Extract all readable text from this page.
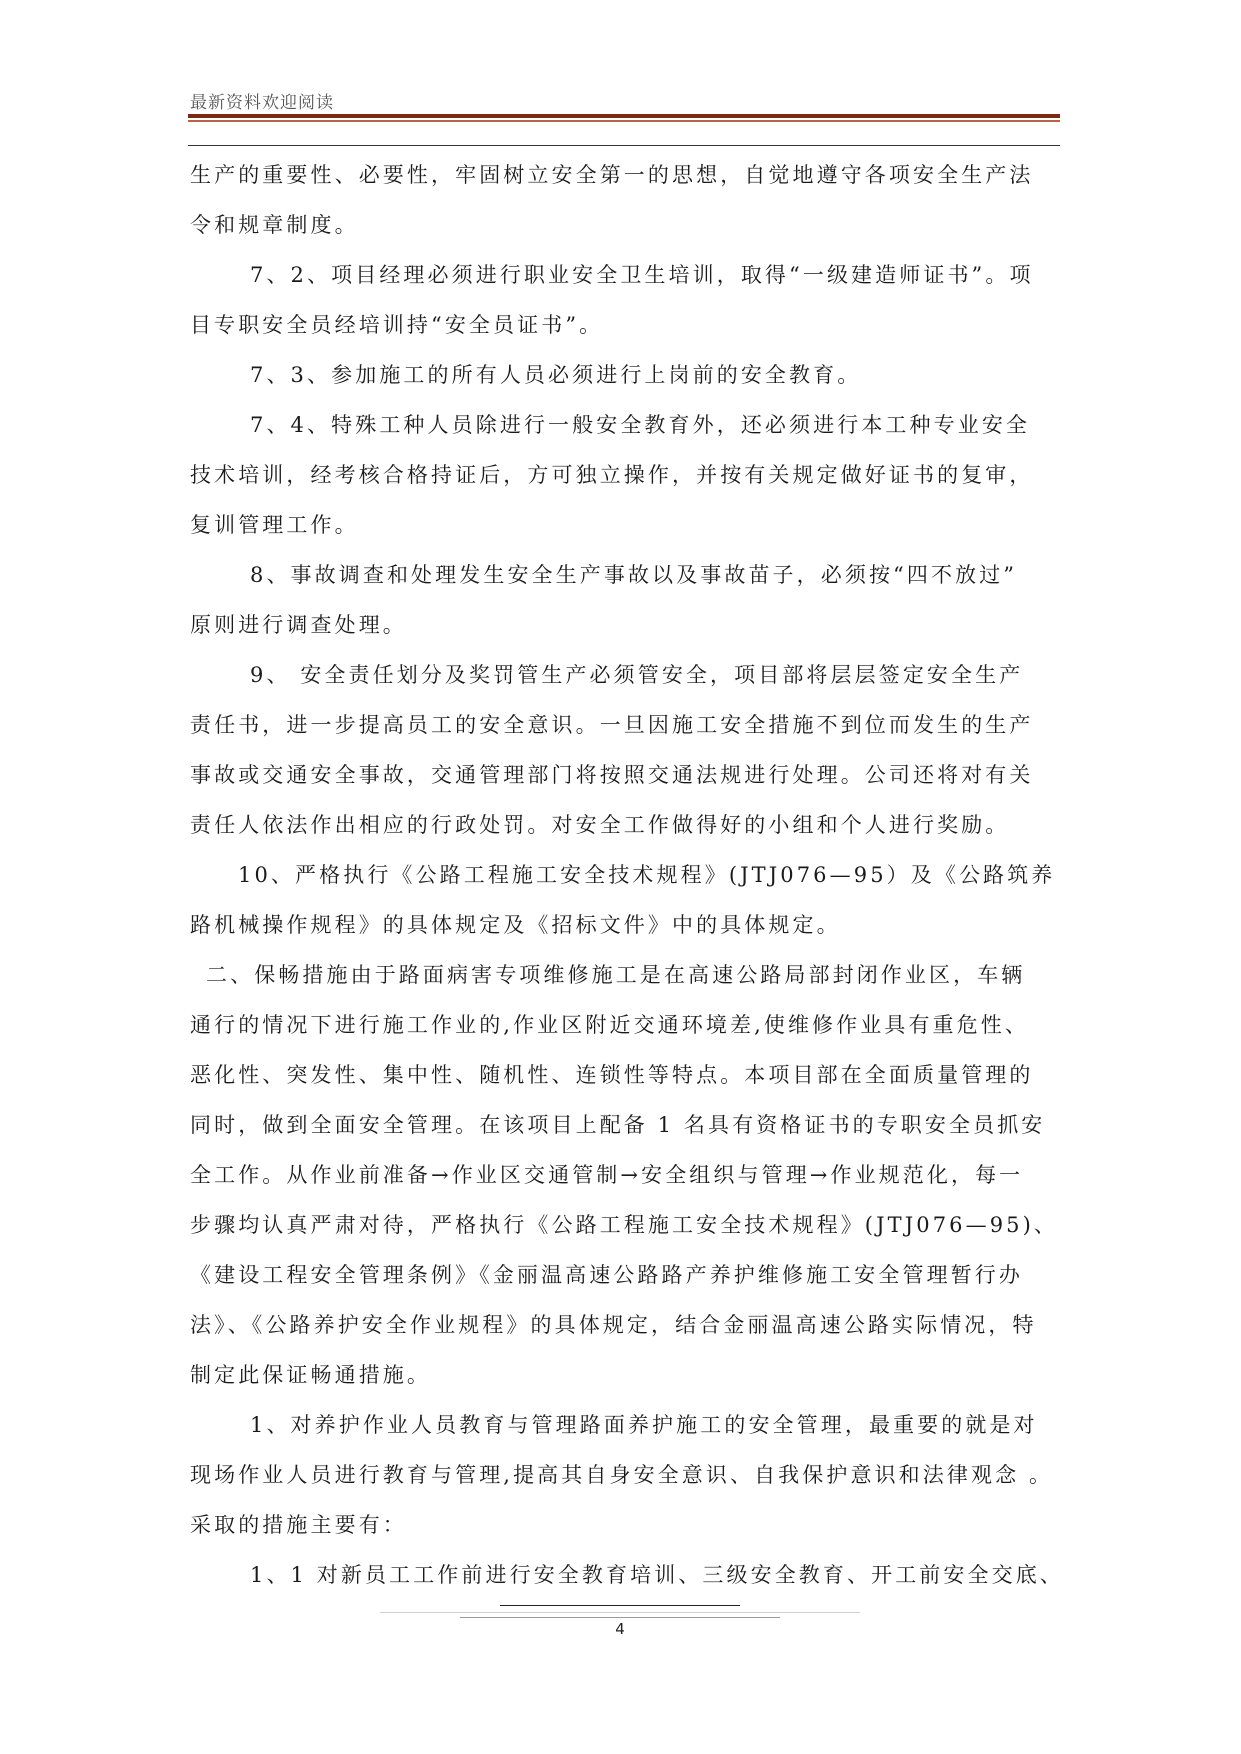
最新资料欢迎阅读

生产的重要性、必要性，牢固树立安全第一的思想，自觉地遵守各项安全生产法

令和规章制度。

7、2、项目经理必须进行职业安全卫生培训，取得“一级建造师证书”。项

目专职安全员经培训持“安全员证书”。

7、3、参加施工的所有人员必须进行上岗前的安全教育。

7、4、特殊工种人员除进行一般安全教育外，还必须进行本工种专业安全

技术培训，经考核合格持证后，方可独立操作，并按有关规定做好证书的复审，

复训管理工作。

8、事故调查和处理发生安全生产事故以及事故苗子，必须按“四不放过”

原则进行调查处理。

9、 安全责任划分及奖罚管生产必须管安全，项目部将层层签定安全生产

责任书，进一步提高员工的安全意识。一旦因施工安全措施不到位而发生的生产

事故或交通安全事故，交通管理部门将按照交通法规进行处理。公司还将对有关

责任人依法作出相应的行政处罚。对安全工作做得好的小组和个人进行奖励。

10、严格执行《公路工程施工安全技术规程》(JTJ076—95）及《公路筑养

路机械操作规程》的具体规定及《招标文件》中的具体规定。

二、保畅措施由于路面病害专项维修施工是在高速公路局部封闭作业区，车辆

通行的情况下进行施工作业的,作业区附近交通环境差,使维修作业具有重危性、

恶化性、突发性、集中性、随机性、连锁性等特点。本项目部在全面质量管理的

同时，做到全面安全管理。在该项目上配备 1 名具有资格证书的专职安全员抓安

全工作。从作业前准备→作业区交通管制→安全组织与管理→作业规范化，每一

步骤均认真严肃对待，严格执行《公路工程施工安全技术规程》(JTJ076—95)、

《建设工程安全管理条例》《金丽温高速公路路产养护维修施工安全管理暂行办

法》、《公路养护安全作业规程》的具体规定，结合金丽温高速公路实际情况，特

制定此保证畅通措施。

1、对养护作业人员教育与管理路面养护施工的安全管理，最重要的就是对

现场作业人员进行教育与管理,提高其自身安全意识、自我保护意识和法律观念 。

采取的措施主要有：

1、1 对新员工工作前进行安全教育培训、三级安全教育、开工前安全交底、

4
